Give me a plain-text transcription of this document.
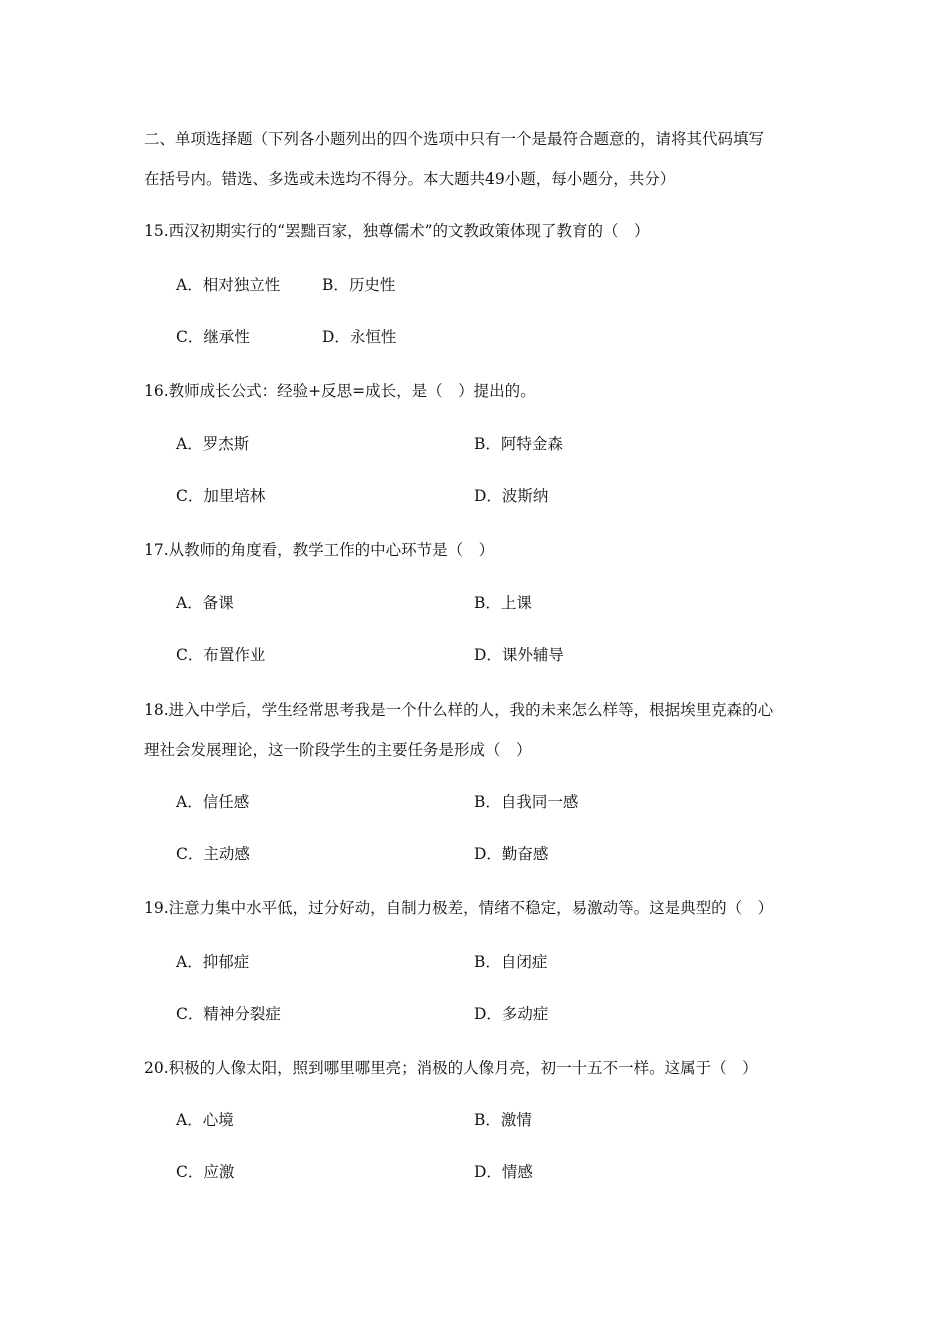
二、单项选择题（下列各小题列出的四个选项中只有一个是最符合题意的，请将其代码填写
在括号内。错选、多选或未选均不得分。本大题共49小题，每小题分，共分）
15.西汉初期实行的“罢黜百家，独尊儒术”的文教政策体现了教育的（　）
A．相对独立性	B．历史性
C．继承性	D．永恒性
16.教师成长公式：经验+反思=成长，是（　）提出的。
A．罗杰斯	B．阿特金森
C．加里培林	D．波斯纳
17.从教师的角度看，教学工作的中心环节是（　）
A．备课	B．上课
C．布置作业	D．课外辅导
18.进入中学后，学生经常思考我是一个什么样的人，我的未来怎么样等，根据埃里克森的心
理社会发展理论，这一阶段学生的主要任务是形成（　）
A．信任感	B．自我同一感
C．主动感	D．勤奋感
19.注意力集中水平低，过分好动，自制力极差，情绪不稳定，易激动等。这是典型的（　）
A．抑郁症	B．自闭症
C．精神分裂症	D．多动症
20.积极的人像太阳，照到哪里哪里亮；消极的人像月亮，初一十五不一样。这属于（　）
A．心境	B．激情
C．应激	D．情感
